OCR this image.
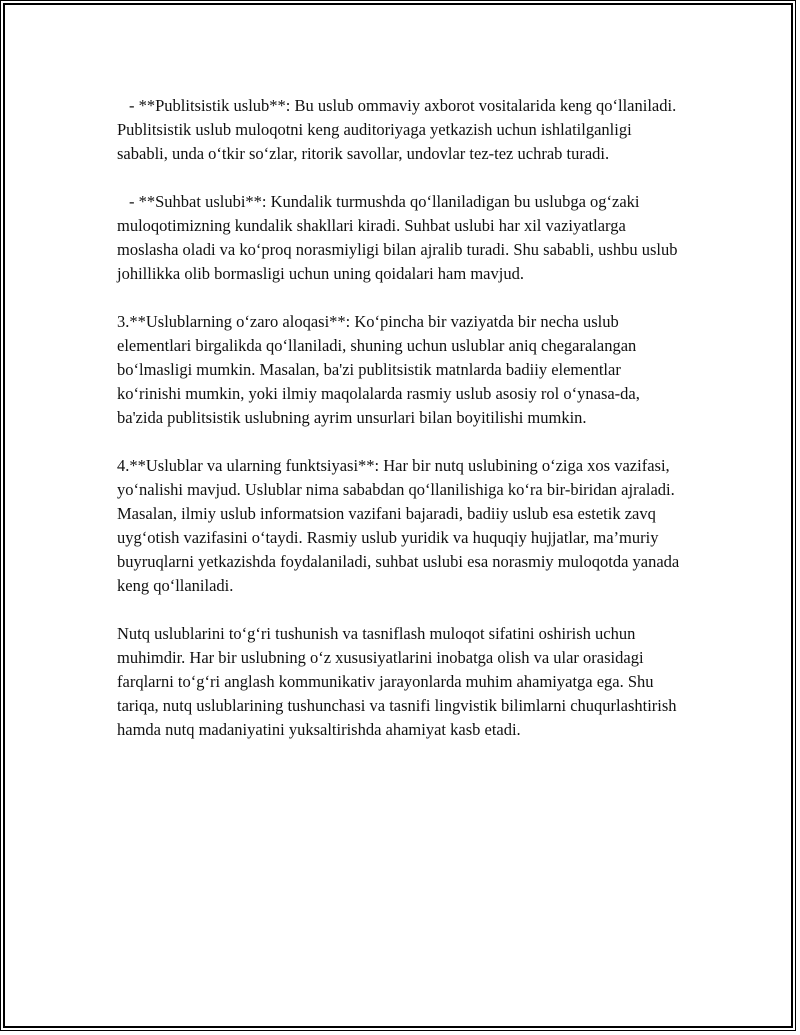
- **Publitsistik uslub**: Bu uslub ommaviy axborot vositalarida keng qo‘llaniladi. Publitsistik uslub muloqotni keng auditoriyaga yetkazish uchun ishlatilganligi sababli, unda o‘tkir so‘zlar, ritorik savollar, undovlar tez-tez uchrab turadi.

- **Suhbat uslubi**: Kundalik turmushda qo‘llaniladigan bu uslubga og‘zaki muloqotimizning kundalik shakllari kiradi. Suhbat uslubi har xil vaziyatlarga moslasha oladi va ko‘proq norasmiyligi bilan ajralib turadi. Shu sababli, ushbu uslub johillikka olib bormasligi uchun uning qoidalari ham mavjud.

3.**Uslublarning o‘zaro aloqasi**: Ko‘pincha bir vaziyatda bir necha uslub elementlari birgalikda qo‘llaniladi, shuning uchun uslublar aniq chegaralangan bo‘lmasligi mumkin. Masalan, ba'zi publitsistik matnlarda badiiy elementlar ko‘rinishi mumkin, yoki ilmiy maqolalarda rasmiy uslub asosiy rol o‘ynasa-da, ba'zida publitsistik uslubning ayrim unsurlari bilan boyitilishi mumkin.

4.**Uslublar va ularning funktsiyasi**: Har bir nutq uslubining o‘ziga xos vazifasi, yo‘nalishi mavjud. Uslublar nima sababdan qo‘llanilishiga ko‘ra bir-biridan ajraladi. Masalan, ilmiy uslub informatsion vazifani bajaradi, badiiy uslub esa estetik zavq uyg‘otish vazifasini o‘taydi. Rasmiy uslub yuridik va huquqiy hujjatlar, ma’muriy buyruqlarni yetkazishda foydalaniladi, suhbat uslubi esa norasmiy muloqotda yanada keng qo‘llaniladi.

Nutq uslublarini to‘g‘ri tushunish va tasniflash muloqot sifatini oshirish uchun muhimdir. Har bir uslubning o‘z xususiyatlarini inobatga olish va ular orasidagi farqlarni to‘g‘ri anglash kommunikativ jarayonlarda muhim ahamiyatga ega. Shu tariqa, nutq uslublarining tushunchasi va tasnifi lingvistik bilimlarni chuqurlashtirish hamda nutq madaniyatini yuksaltirishda ahamiyat kasb etadi.
